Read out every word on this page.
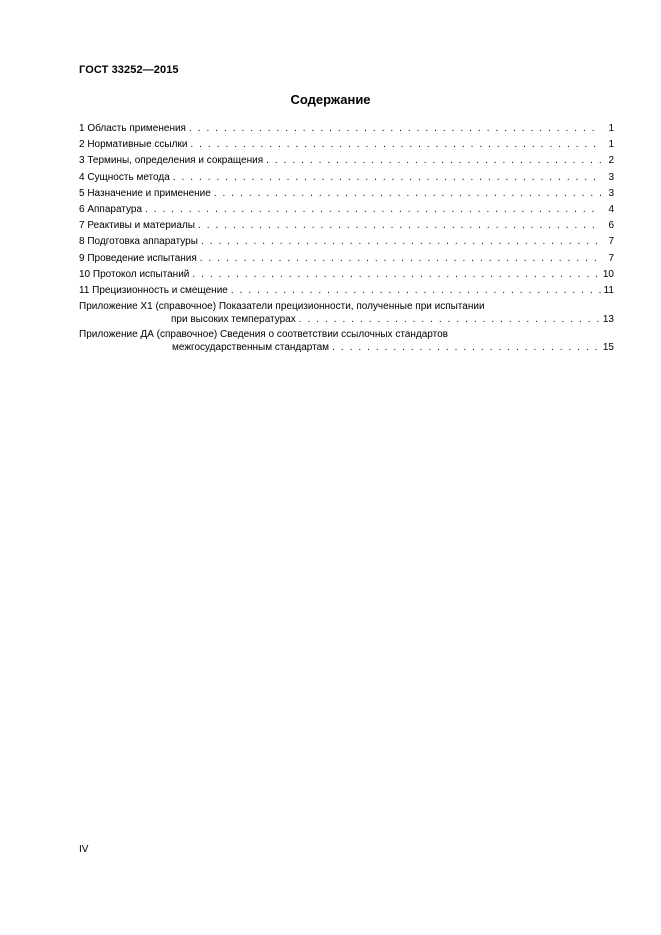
ГОСТ 33252—2015
Содержание
1 Область применения . . .	1
2 Нормативные ссылки . . .	1
3 Термины, определения и сокращения . . .	2
4 Сущность метода . . .	3
5 Назначение и применение . . .	3
6 Аппаратура . . .	4
7 Реактивы и материалы . . .	6
8 Подготовка аппаратуры . . .	7
9 Проведение испытания . . .	7
10 Протокол испытаний . . .	10
11 Прецизионность и смещение . . .	11
Приложение Х1 (справочное) Показатели прецизионности, полученные при испытании
при высоких температурах . . .	13
Приложение ДА (справочное) Сведения о соответствии ссылочных стандартов
межгосударственным стандартам . . .	15
IV
